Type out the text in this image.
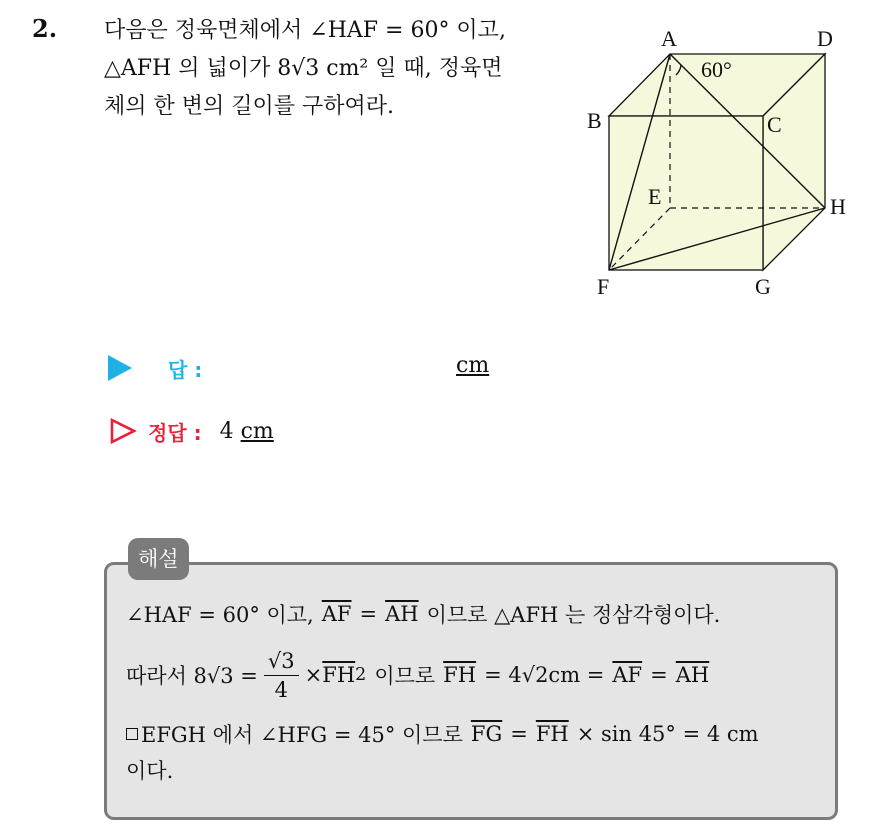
2. 다음은 정육면체에서 ∠HAF = 60° 이고,
△AFH 의 넓이가 8√3 cm² 일 때, 정육면
체의 한 변의 길이를 구하여라.
60°
A	D
B	C
E	H
F	G
답 :	cm
정답 : 4 cm
해설
∠HAF = 60° 이고, $\overline{AF} = \overline{AH}$ 이므로 △AFH 는 정삼각형이다.
따라서 $8√3 = \frac{√3}{4} \times \overline{FH}$ 2 이므로 $\overline{FH} = 4√2cm = \overline{AF} = \overline{AH}$
EFGH 에서 ∠HFG = 45° 이므로 $\overline{FG} = \overline{FH} \times \sin 45^\circ = 4$ cm
이다.
